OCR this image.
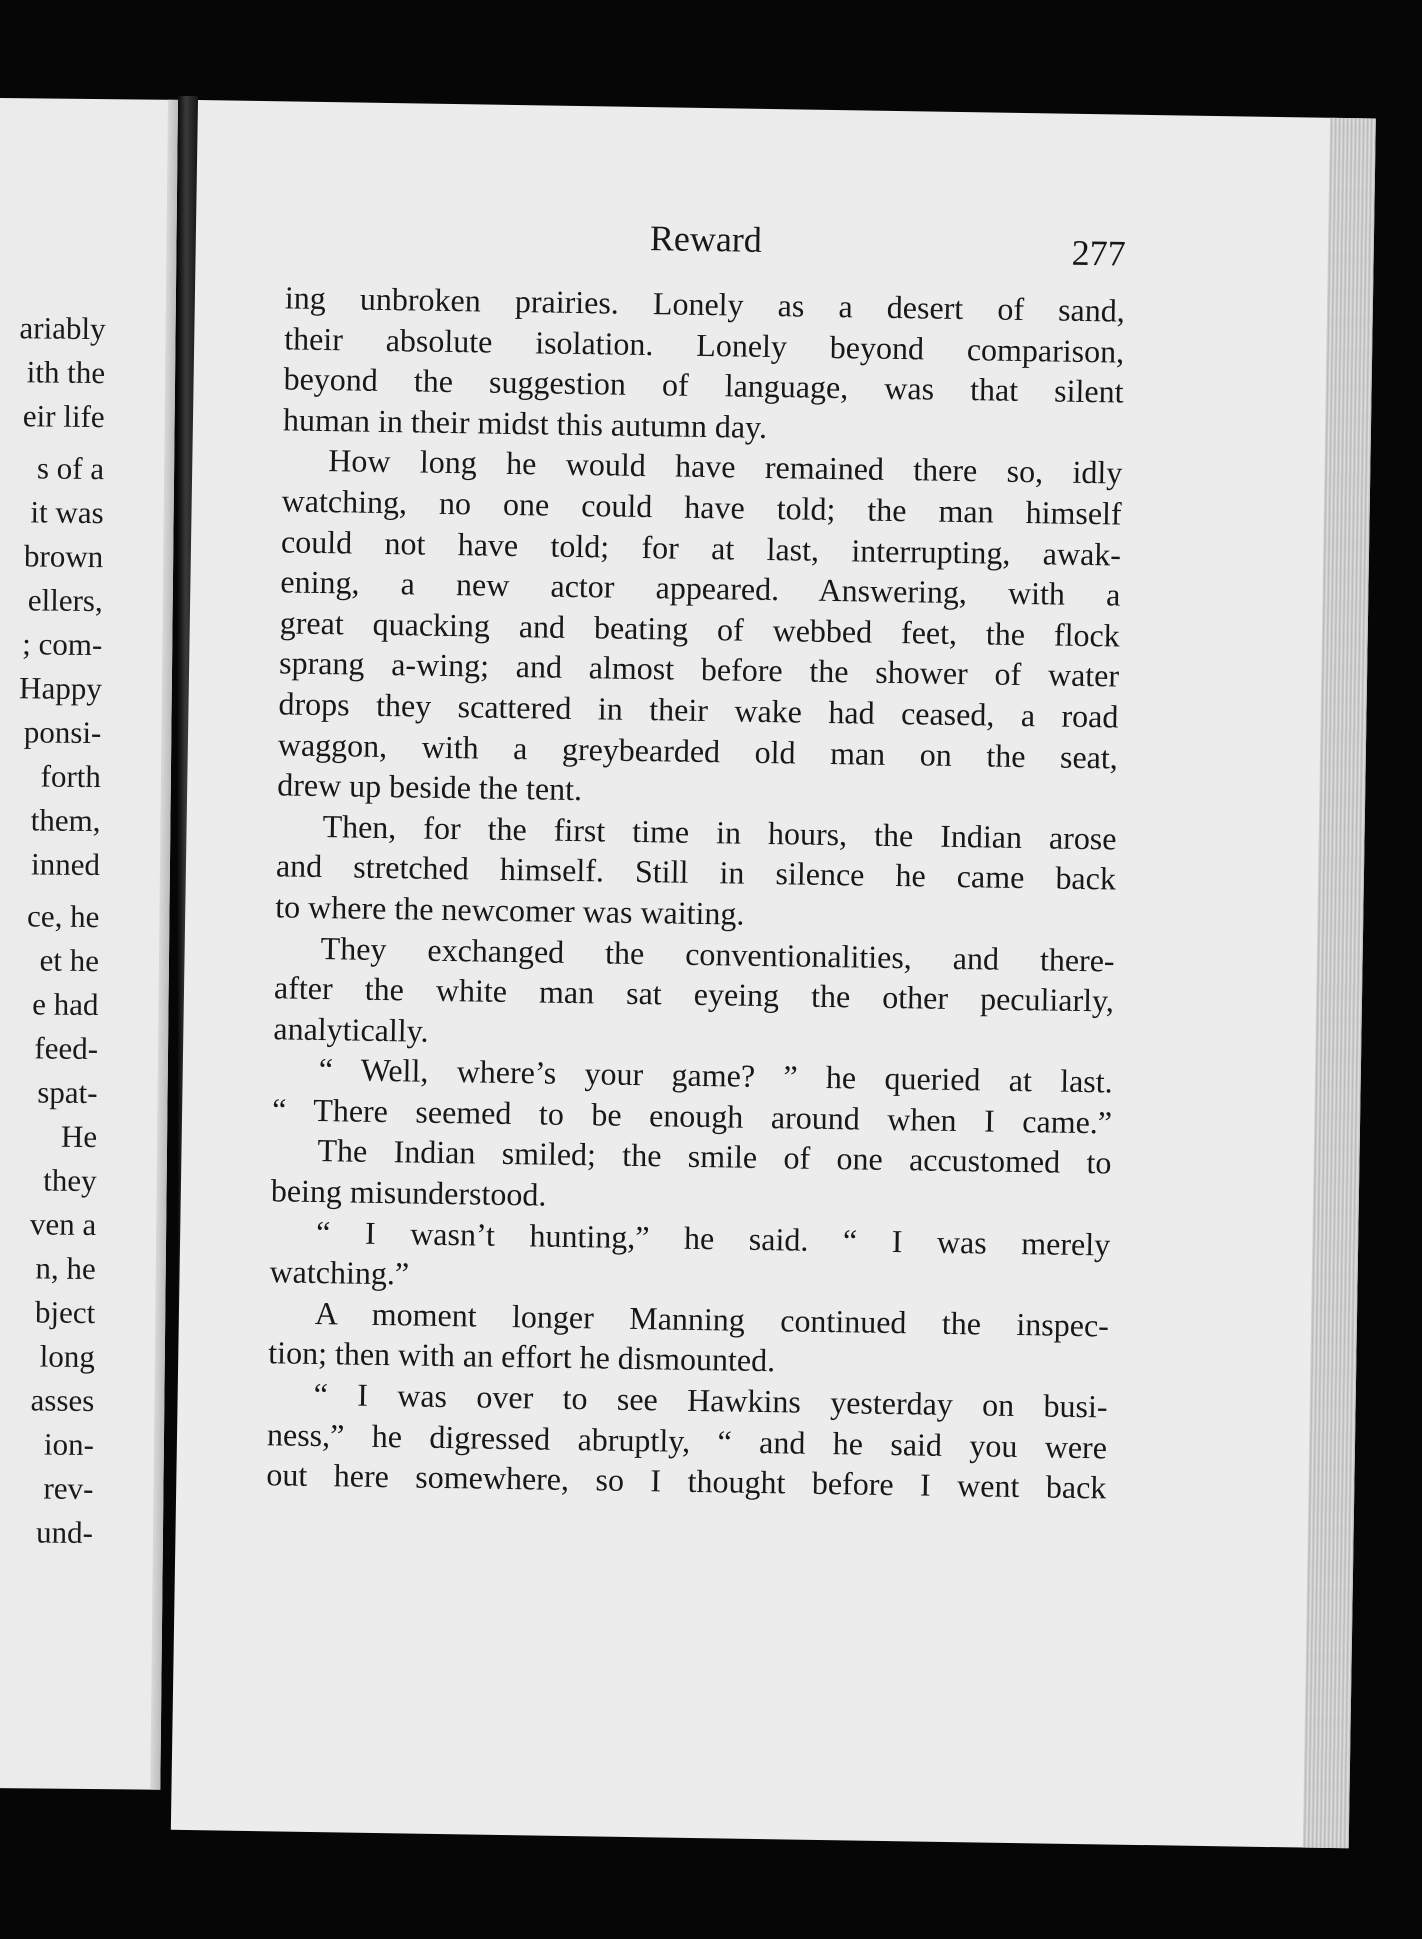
ariably
ith the
eir life
s of a
it was
brown
ellers,
; com-
Happy
ponsi-
forth
them,
inned
ce, he
et he
e had
feed-
spat-
He
they
ven a
n, he
bject
long
asses
ion-
rev-
und-
Reward	277
ing unbroken prairies. Lonely as a desert of sand,
their absolute isolation. Lonely beyond comparison,
beyond the suggestion of language, was that silent
human in their midst this autumn day.
How long he would have remained there so, idly
watching, no one could have told; the man himself
could not have told; for at last, interrupting, awak-
ening, a new actor appeared. Answering, with a
great quacking and beating of webbed feet, the flock
sprang a-wing; and almost before the shower of water
drops they scattered in their wake had ceased, a road
waggon, with a greybearded old man on the seat,
drew up beside the tent.
Then, for the first time in hours, the Indian arose
and stretched himself. Still in silence he came back
to where the newcomer was waiting.
They exchanged the conventionalities, and there-
after the white man sat eyeing the other peculiarly,
analytically.
“ Well, where’s your game? ” he queried at last.
“ There seemed to be enough around when I came.”
The Indian smiled; the smile of one accustomed to
being misunderstood.
“ I wasn’t hunting,” he said. “ I was merely
watching.”
A moment longer Manning continued the inspec-
tion; then with an effort he dismounted.
“ I was over to see Hawkins yesterday on busi-
ness,” he digressed abruptly, “ and he said you were
out here somewhere, so I thought before I went back
